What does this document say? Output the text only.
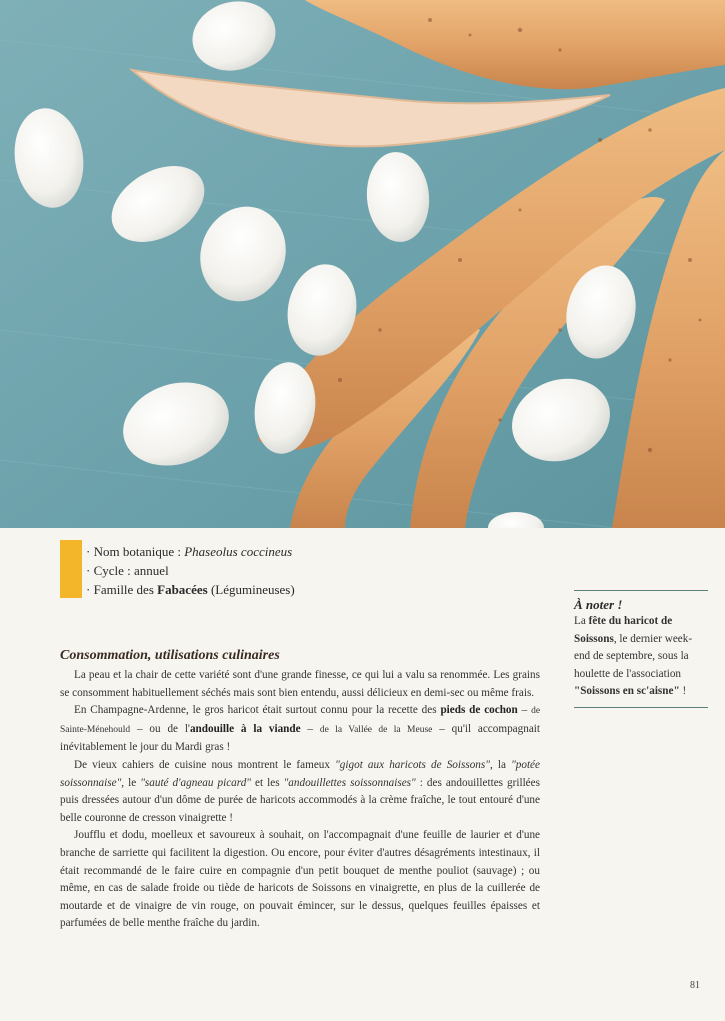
· Nom botanique : Phaseolus coccineus
· Cycle : annuel
· Famille des Fabacées (Légumineuses)
Consommation, utilisations culinaires

La peau et la chair de cette variété sont d'une grande finesse, ce qui lui a valu sa renommée. Les grains se consomment habituellement séchés mais sont bien entendu, aussi délicieux en demi-sec ou même frais.

En Champagne-Ardenne, le gros haricot était surtout connu pour la recette des pieds de cochon – de Sainte-Ménehould – ou de l'andouille à la viande – de la Vallée de la Meuse – qu'il accompagnait inévitablement le jour du Mardi gras !

De vieux cahiers de cuisine nous montrent le fameux "gigot aux haricots de Soissons", la "potée soissonnaise", le "sauté d'agneau picard" et les "andouillettes soissonnaises" : des andouillettes grillées puis dressées autour d'un dôme de purée de haricots accommodés à la crème fraîche, le tout entouré d'une belle couronne de cresson vinaigrette !

Joufflu et dodu, moelleux et savoureux à souhait, on l'accompagnait d'une feuille de laurier et d'une branche de sarriette qui facilitent la digestion. Ou encore, pour éviter d'autres désagréments intestinaux, il était recommandé de le faire cuire en compagnie d'un petit bouquet de menthe pouliot (sauvage) ; ou même, en cas de salade froide ou tiède de haricots de Soissons en vinaigrette, en plus de la cuillerée de moutarde et de vinaigre de vin rouge, on pouvait émincer, sur le dessus, quelques feuilles épaisses et parfumées de belle menthe fraîche du jardin.

À noter !

La fête du haricot de Soissons, le dernier week-end de septembre, sous la houlette de l'association "Soissons en sc'aisne" !

81
